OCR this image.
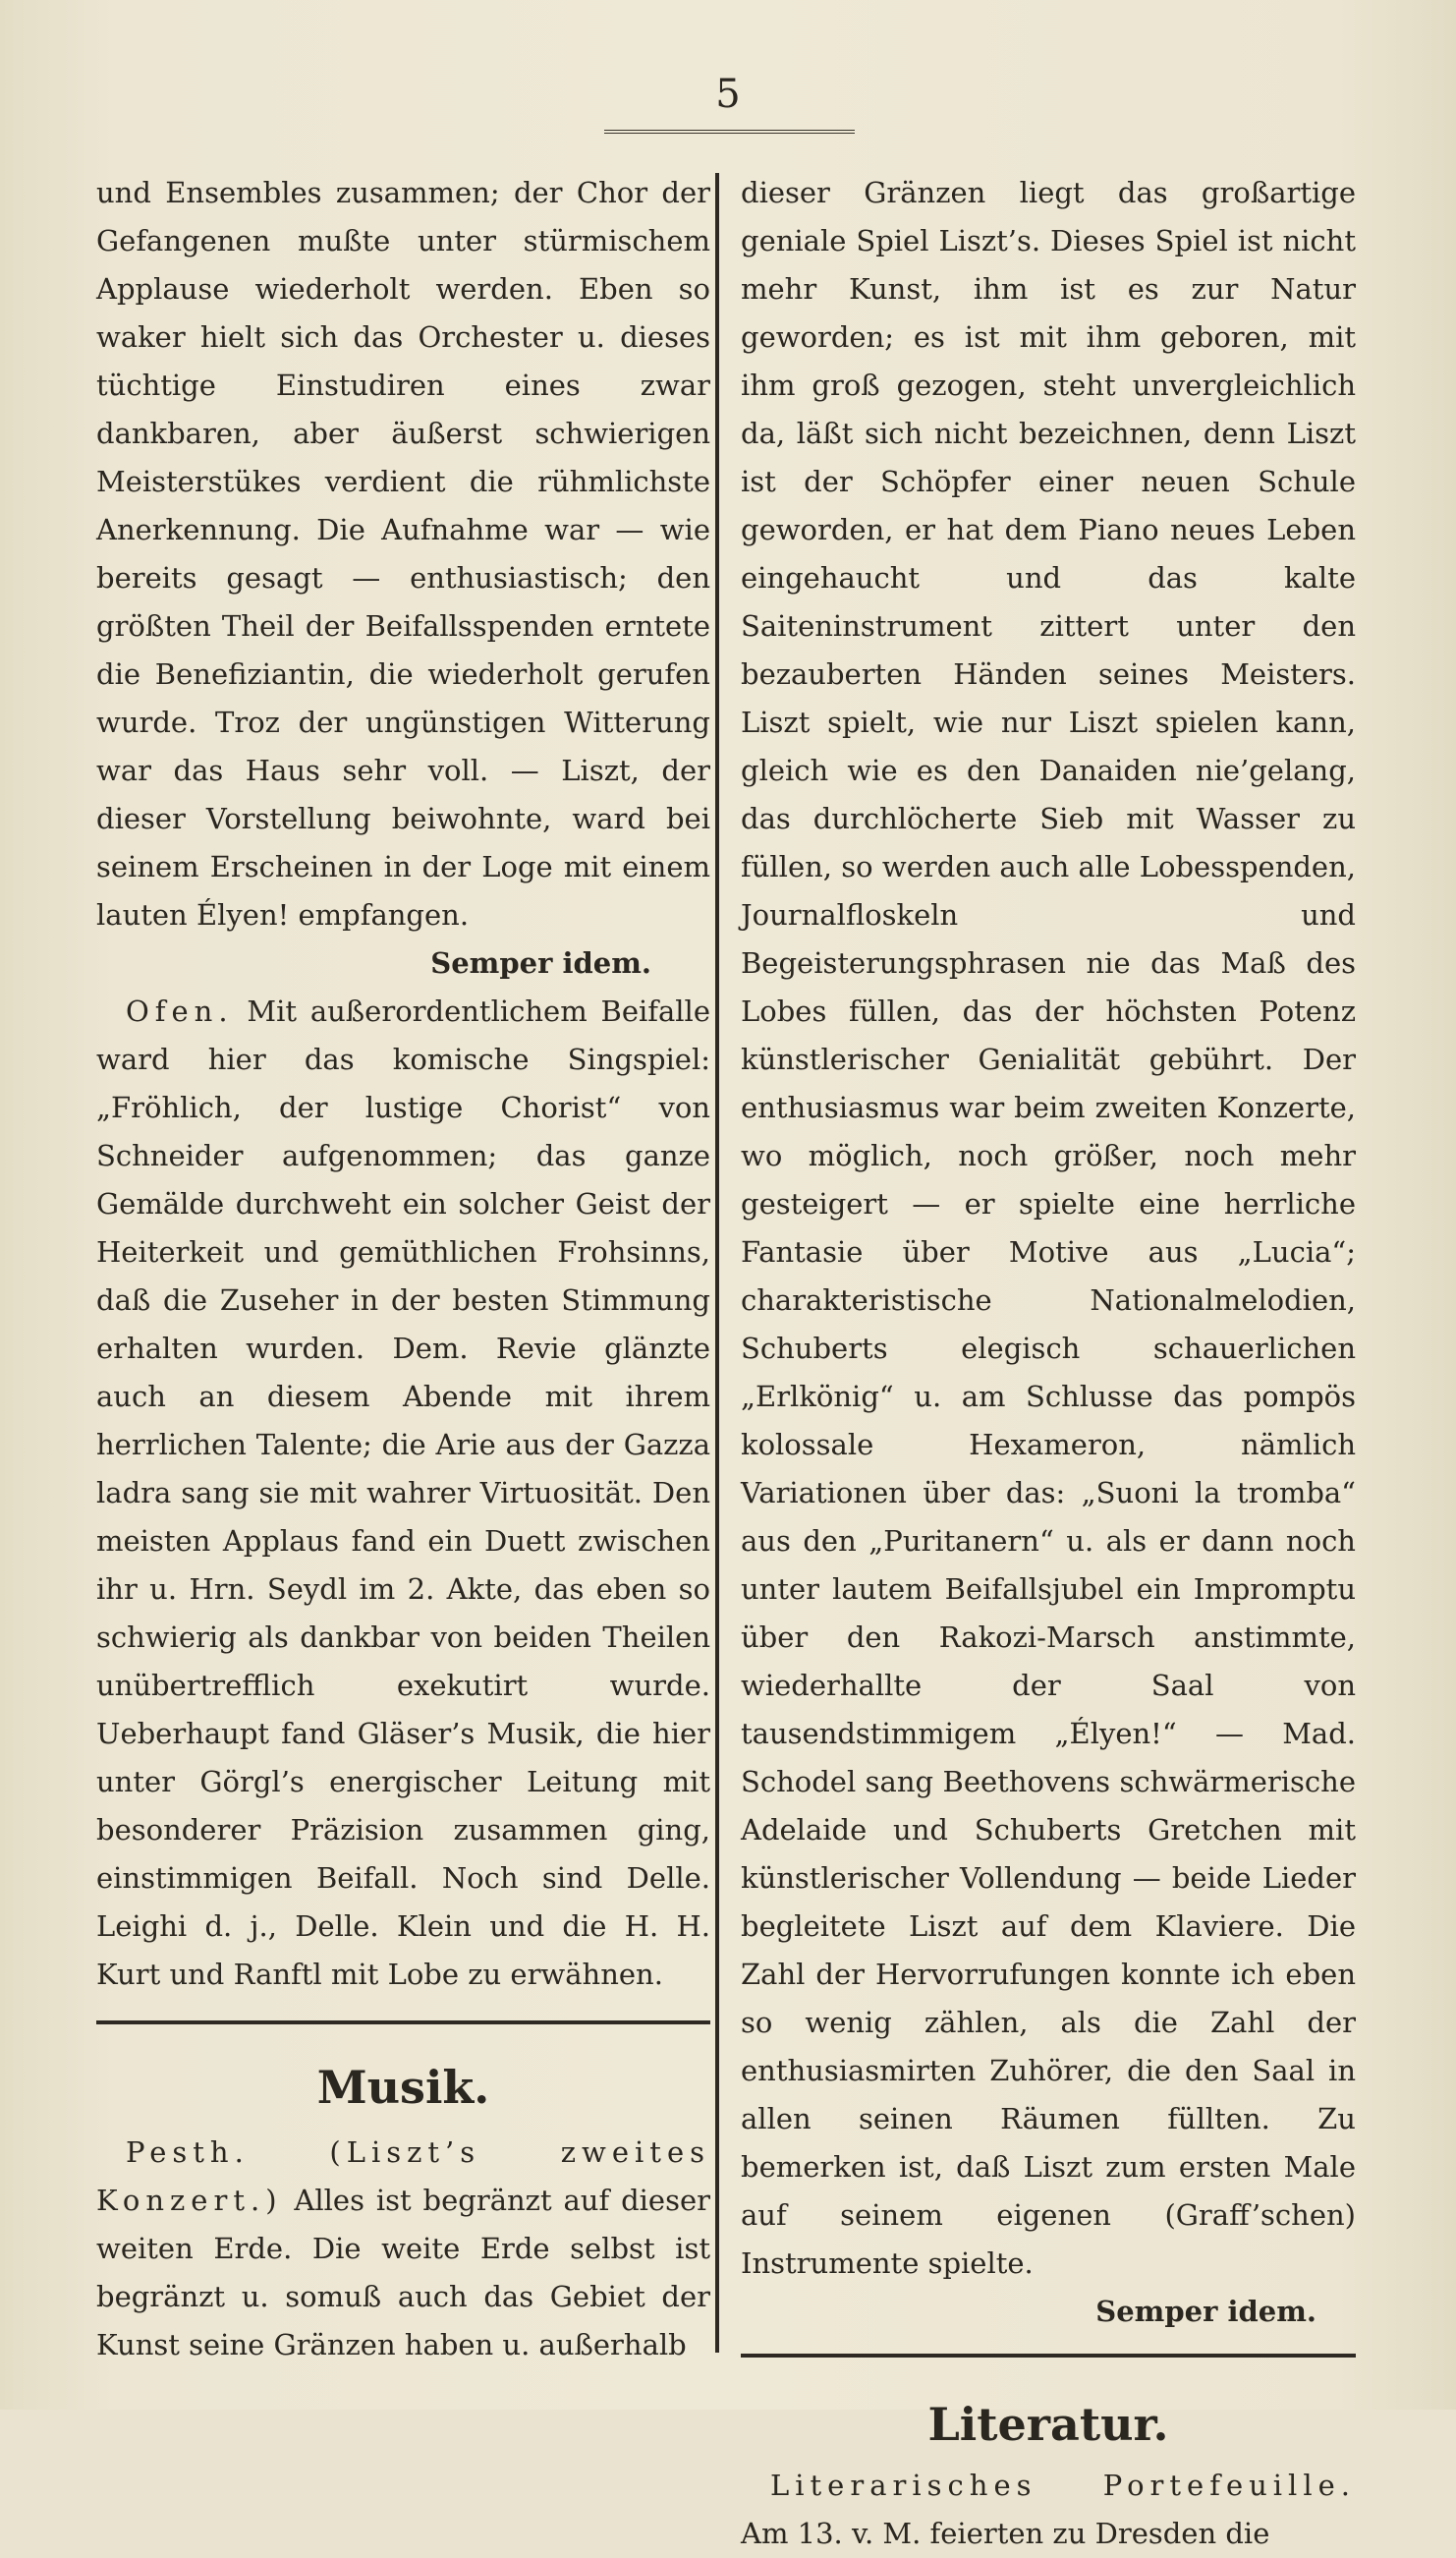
5

und Ensembles zusammen; der Chor der Gefangenen mußte unter stürmischem Applause wiederholt werden. Eben so waker hielt sich das Orchester u. dieses tüchtige Einstudiren eines zwar dankbaren, aber äußerst schwierigen Meisterstükes verdient die rühmlichste Anerkennung. Die Aufnahme war — wie bereits gesagt — enthusiastisch; den größten Theil der Beifallsspenden erntete die Benefiziantin, die wiederholt gerufen wurde. Troz der ungünstigen Witterung war das Haus sehr voll. — Liszt, der dieser Vorstellung beiwohnte, ward bei seinem Erscheinen in der Loge mit einem lauten Élyen! empfangen.

Semper idem.

Ofen. Mit außerordentlichem Beifalle ward hier das komische Singspiel: „Fröhlich, der lustige Chorist“ von Schneider aufgenommen; das ganze Gemälde durchweht ein solcher Geist der Heiterkeit und gemüthlichen Frohsinns, daß die Zuseher in der besten Stimmung erhalten wurden. Dem. Revie glänzte auch an diesem Abende mit ihrem herrlichen Talente; die Arie aus der Gazza ladra sang sie mit wahrer Virtuosität. Den meisten Applaus fand ein Duett zwischen ihr u. Hrn. Seydl im 2. Akte, das eben so schwierig als dankbar von beiden Theilen unübertrefflich exekutirt wurde. Ueberhaupt fand Gläser’s Musik, die hier unter Görgl’s energischer Leitung mit besonderer Präzision zusammen ging, einstimmigen Beifall. Noch sind Delle. Leighi d. j., Delle. Klein und die H. H. Kurt und Ranftl mit Lobe zu erwähnen.

Musik.

Pesth. (Liszt’s zweites Konzert.) Alles ist begränzt auf dieser weiten Erde. Die weite Erde selbst ist begränzt u. somuß auch das Gebiet der Kunst seine Gränzen haben u. außerhalb

dieser Gränzen liegt das großartige geniale Spiel Liszt’s. Dieses Spiel ist nicht mehr Kunst, ihm ist es zur Natur geworden; es ist mit ihm geboren, mit ihm groß gezogen, steht unvergleichlich da, läßt sich nicht bezeichnen, denn Liszt ist der Schöpfer einer neuen Schule geworden, er hat dem Piano neues Leben eingehaucht und das kalte Saiteninstrument zittert unter den bezauberten Händen seines Meisters. Liszt spielt, wie nur Liszt spielen kann, gleich wie es den Danaiden nie’gelang, das durchlöcherte Sieb mit Wasser zu füllen, so werden auch alle Lobesspenden, Journalfloskeln und Begeisterungsphrasen nie das Maß des Lobes füllen, das der höchsten Potenz künstlerischer Genialität gebührt. Der enthusiasmus war beim zweiten Konzerte, wo möglich, noch größer, noch mehr gesteigert — er spielte eine herrliche Fantasie über Motive aus „Lucia“; charakteristische Nationalmelodien, Schuberts elegisch schauerlichen „Erlkönig“ u. am Schlusse das pompös kolossale Hexameron, nämlich Variationen über das: „Suoni la tromba“ aus den „Puritanern“ u. als er dann noch unter lautem Beifallsjubel ein Impromptu über den Rakozi-Marsch anstimmte, wiederhallte der Saal von tausendstimmigem „Élyen!“ — Mad. Schodel sang Beethovens schwärmerische Adelaide und Schuberts Gretchen mit künstlerischer Vollendung — beide Lieder begleitete Liszt auf dem Klaviere. Die Zahl der Hervorrufungen konnte ich eben so wenig zählen, als die Zahl der enthusiasmirten Zuhörer, die den Saal in allen seinen Räumen füllten. Zu bemerken ist, daß Liszt zum ersten Male auf seinem eigenen (Graff’schen) Instrumente spielte.

Semper idem.

Literatur.

Literarisches Portefeuille. Am 13. v. M. feierten zu Dresden die
